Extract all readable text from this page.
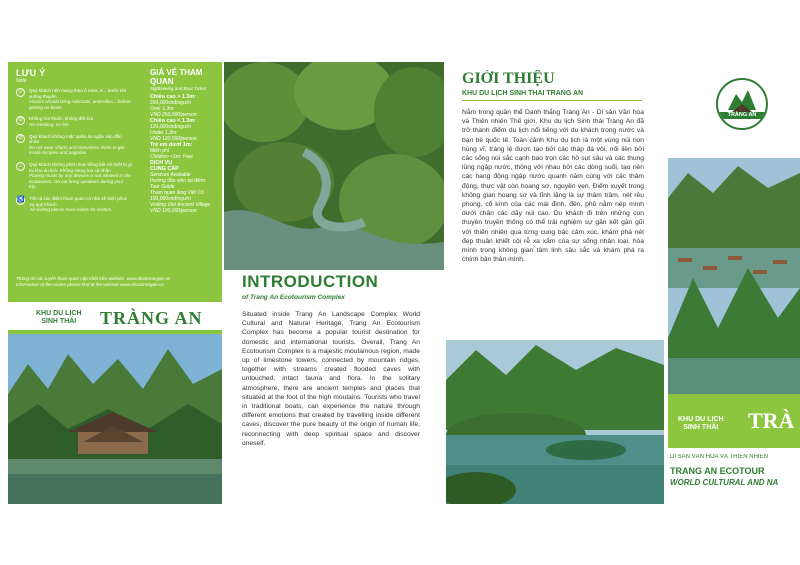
LƯU Ý
Note
☺	Quý khách nên mang theo ô mưa, 6... trước khi xuống thuyền
Visitors should bring raincoats, umbrellas... before getting on boats
⊘	Không hút thuốc, không đốt lửa
No smoking, no fire
⊘	Quý khách không mặc quần áo ngắn vào đền chùa
Do not wear shorts and sleeveless shirts to get inside temples and pagodas
♪	Quý khách không phát nhạc bằng bất cứ thiết bị gì tại khu du lịch. Không mang loa cá nhân
Playing music by any devices is not allowed in the ecotourism. Do not bring speakers during your trip.
♿ Tất cả các điểm tham quan có nhà vệ sinh phục vụ quý khách
All visiting places have toilets for visitors.
GIÁ VÉ THAM QUAN
Sightseeing and Boat Ticket
Chiều cao > 1.3m:
250,000vnđ/người
Over 1.3m:
VND 250,000/person
Chiều cao < 1.3m:
120,000vnđ/người
Under 1.3m:
VND 120,000/person
Trẻ em dưới 1m:
Miễn phí
Children <1m: Free
DỊCH VỤ
CUNG CẤP
Services Available
Hướng dẫn viên tại điểm
Tour Guide
Tham quan làng Việt Cổ
100,000vnđ/người
Visiting Viet Ancient Village
VND 100,000/person
Thông tin các tuyến tham quan cập nhật trên website: www.disantrangan.vn
Information of the routes please find at the website www.disantrangan.vn
KHU DU LỊCH
SINH THÁI TRÀNG AN
INTRODUCTION
of Trang An Ecotourism Complex
Situated inside Trang An Landscape Complex World Cultural and Natural Heritage, Trang An Ecotourism Complex has become a popular tourist destination for domestic and international tourists. Overall, Trang An Ecotourism Complex is a majestic moutainous region, made up of limestone towers, connected by mountain ridges, together with streams created flooded caves with untouched, intact fauna and flora. In the solitary atmosphere, there are ancient temples and places that situated at the foot of the high moutains. Tourists who travel in traditional boats, can experience the nature through different emotions that created by travelling inside different caves, discover the pure beauty of the origin of human life, reconnecting with deep spiritual space and discover oneself.
GIỚI THIỆU
KHU DU LỊCH SINH THÁI TRÀNG AN
Nằm trong quần thể Danh thắng Tràng An - Di sản Văn hóa và Thiên nhiên Thế giới, Khu du lịch Sinh thái Tràng An đã trở thành điểm du lịch nổi tiếng với du khách trong nước và bạn bè quốc tế. Toàn cảnh Khu du lịch là một vùng núi non hùng vĩ, tráng lệ được tạo bởi các tháp đá vôi, nối liền bởi các sống núi sắc cạnh bao trọn các hồ sụt sâu và các thung lũng ngập nước, thông với nhau bởi các dòng suối, tạo nên các hang động ngập nước quanh năm cùng với các thảm động, thực vật còn hoang sơ, nguyên vẹn. Điểm xuyết trong không gian hoang sơ và tĩnh lặng là sự thâm trầm, nét rêu phong, cổ kính của các mái đình, đền, phủ nằm nép mình dưới chân các dãy núi cao. Du khách đi trên những con thuyền truyền thống có thể trải nghiệm sự gần kết gần gũi với thiên nhiên qua từng cung bậc cảm xúc, khám phá nét đẹp thuần khiết cội rễ xa xăm của sự sống nhân loại, hòa mình trong không gian tâm linh sâu sắc và khám phá ra chính bản thân mình.
TRÀNG AN
KHU DU LỊCH
SINH THÁI TRÀ
DI SẢN VĂN HÓA VÀ THIÊN NHIÊN
TRANG AN ECOTOUR
WORLD CULTURAL AND NA
